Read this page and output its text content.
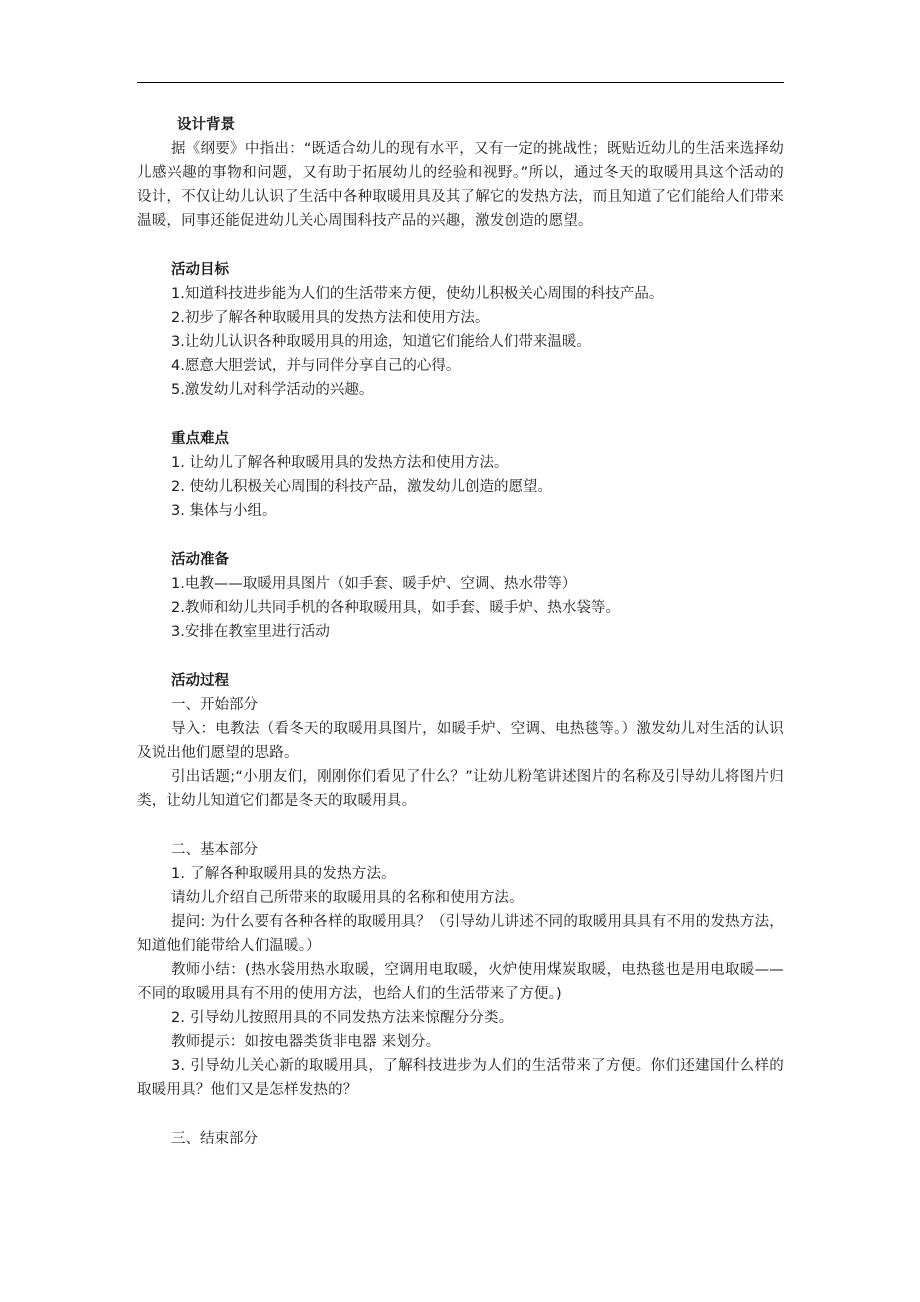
设计背景

据《纲要》中指出：“既适合幼儿的现有水平，又有一定的挑战性；既贴近幼儿的生活来选择幼儿感兴趣的事物和问题，又有助于拓展幼儿的经验和视野。”所以，通过冬天的取暖用具这个活动的设计，不仅让幼儿认识了生活中各种取暖用具及其了解它的发热方法，而且知道了它们能给人们带来温暖，同事还能促进幼儿关心周围科技产品的兴趣，激发创造的愿望。

活动目标

1.知道科技进步能为人们的生活带来方便，使幼儿积极关心周围的科技产品。

2.初步了解各种取暖用具的发热方法和使用方法。

3.让幼儿认识各种取暖用具的用途，知道它们能给人们带来温暖。

4.愿意大胆尝试，并与同伴分享自己的心得。

5.激发幼儿对科学活动的兴趣。

重点难点

1. 让幼儿了解各种取暖用具的发热方法和使用方法。

2. 使幼儿积极关心周围的科技产品，激发幼儿创造的愿望。

3. 集体与小组。

活动准备

1.电教——取暖用具图片（如手套、暖手炉、空调、热水带等）

2.教师和幼儿共同手机的各种取暖用具，如手套、暖手炉、热水袋等。

3.安排在教室里进行活动

活动过程

一、开始部分

导入：电教法（看冬天的取暖用具图片，如暖手炉、空调、电热毯等。）激发幼儿对生活的认识及说出他们愿望的思路。

引出话题;“小朋友们，刚刚你们看见了什么？”让幼儿粉笔讲述图片的名称及引导幼儿将图片归类，让幼儿知道它们都是冬天的取暖用具。

二、基本部分

1. 了解各种取暖用具的发热方法。

请幼儿介绍自己所带来的取暖用具的名称和使用方法。

提问: 为什么要有各种各样的取暖用具？（引导幼儿讲述不同的取暖用具具有不用的发热方法，知道他们能带给人们温暖。）

教师小结：(热水袋用热水取暖，空调用电取暖，火炉使用煤炭取暖，电热毯也是用电取暖——不同的取暖用具有不用的使用方法，也给人们的生活带来了方便。)

2. 引导幼儿按照用具的不同发热方法来惊醒分分类。

教师提示：如按电器类货非电器 来划分。

3. 引导幼儿关心新的取暖用具，了解科技进步为人们的生活带来了方便。你们还建国什么样的取暖用具？他们又是怎样发热的？

三、结束部分
